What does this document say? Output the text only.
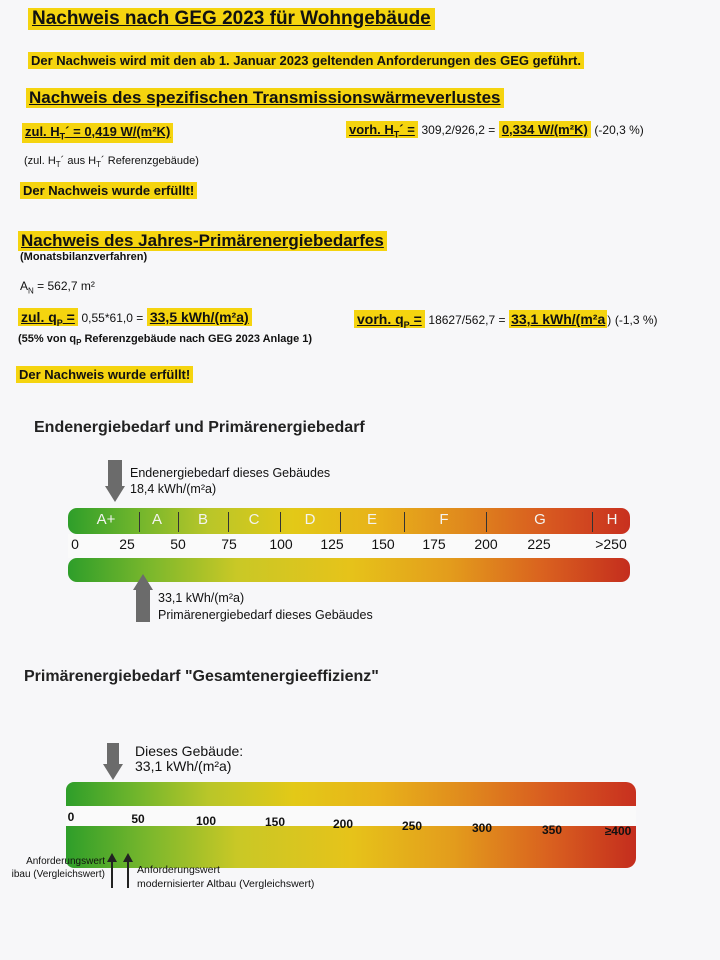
Nachweis nach GEG 2023 für Wohngebäude
Der Nachweis wird mit den ab 1. Januar 2023 geltenden Anforderungen des GEG geführt.
Nachweis des spezifischen Transmissionswärmeverlustes
zul. $H_T´ = 0,419$ W/(m²K)	vorh. $H_T´ = 309,2/926,2 = 0,334$ W/(m²K) (-20,3 %)
(zul. $H_T´$ aus $H_T´$ Referenzgebäude)
Der Nachweis wurde erfüllt!
Nachweis des Jahres-Primärenergiebedarfes
(Monatsbilanzverfahren)
$A_N = 562,7$ m²
zul. $q_P = 0,55*61,0 = 33,5$ kWh/(m²a)	vorh. $q_P = 18627/562,7 = 33,1$ kWh/(m²a ) (-1,3 %)
(55% von $q_P$ Referenzgebäude nach GEG 2023 Anlage 1)
Der Nachweis wurde erfüllt!
Endenergiebedarf und Primärenergiebedarf
Endenergiebedarf dieses Gebäudes
18,4 kWh/(m²a)
A+	A	B	C	D	E	F	G	H
0	25	50	75	100	125	150	175	200	225	>250
33,1 kWh/(m²a)
Primärenergiebedarf dieses Gebäudes
Primärenergiebedarf "Gesamtenergieeffizienz"
Dieses Gebäude:
33,1 kWh/(m²a)
0	50	100	150	200	250	300	350	≥400
Anforderungswert
ibau (Vergleichswert)	Anforderungswert
modernisierter Altbau (Vergleichswert)
